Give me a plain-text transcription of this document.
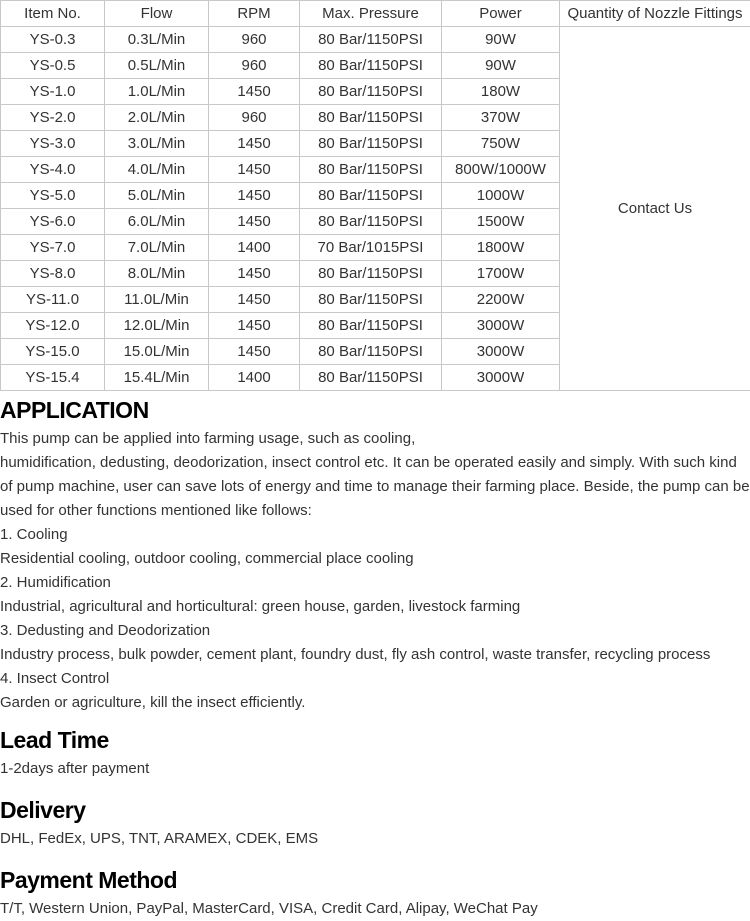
Item No.	Flow	RPM	Max. Pressure	Power	Quantity of Nozzle Fittings
YS-0.3	0.3L/Min	960	80 Bar/1150PSI	90W	Contact Us
YS-0.5	0.5L/Min	960	80 Bar/1150PSI	90W	
YS-1.0	1.0L/Min	1450	80 Bar/1150PSI	180W	
YS-2.0	2.0L/Min	960	80 Bar/1150PSI	370W	
YS-3.0	3.0L/Min	1450	80 Bar/1150PSI	750W	
YS-4.0	4.0L/Min	1450	80 Bar/1150PSI	800W/1000W	
YS-5.0	5.0L/Min	1450	80 Bar/1150PSI	1000W	
YS-6.0	6.0L/Min	1450	80 Bar/1150PSI	1500W	
YS-7.0	7.0L/Min	1400	70 Bar/1015PSI	1800W	
YS-8.0	8.0L/Min	1450	80 Bar/1150PSI	1700W	
YS-11.0	11.0L/Min	1450	80 Bar/1150PSI	2200W	
YS-12.0	12.0L/Min	1450	80 Bar/1150PSI	3000W	
YS-15.0	15.0L/Min	1450	80 Bar/1150PSI	3000W	
YS-15.4	15.4L/Min	1400	80 Bar/1150PSI	3000W	
APPLICATION

This pump can be applied into farming usage, such as cooling,

humidification, dedusting, deodorization, insect control etc. It can be operated easily and simply. With such kind of pump machine, user can save lots of energy and time to manage their farming place. Beside, the pump can be used for other functions mentioned like follows:

1. Cooling

Residential cooling, outdoor cooling, commercial place cooling

2. Humidification

Industrial, agricultural and horticultural: green house, garden, livestock farming

3. Dedusting and Deodorization

Industry process, bulk powder, cement plant, foundry dust, fly ash control, waste transfer, recycling process

4. Insect Control

Garden or agriculture, kill the insect efficiently.

Lead Time

1-2days after payment

Delivery

DHL, FedEx, UPS, TNT, ARAMEX, CDEK, EMS

Payment Method

T/T, Western Union, PayPal, MasterCard, VISA, Credit Card, Alipay, WeChat Pay
